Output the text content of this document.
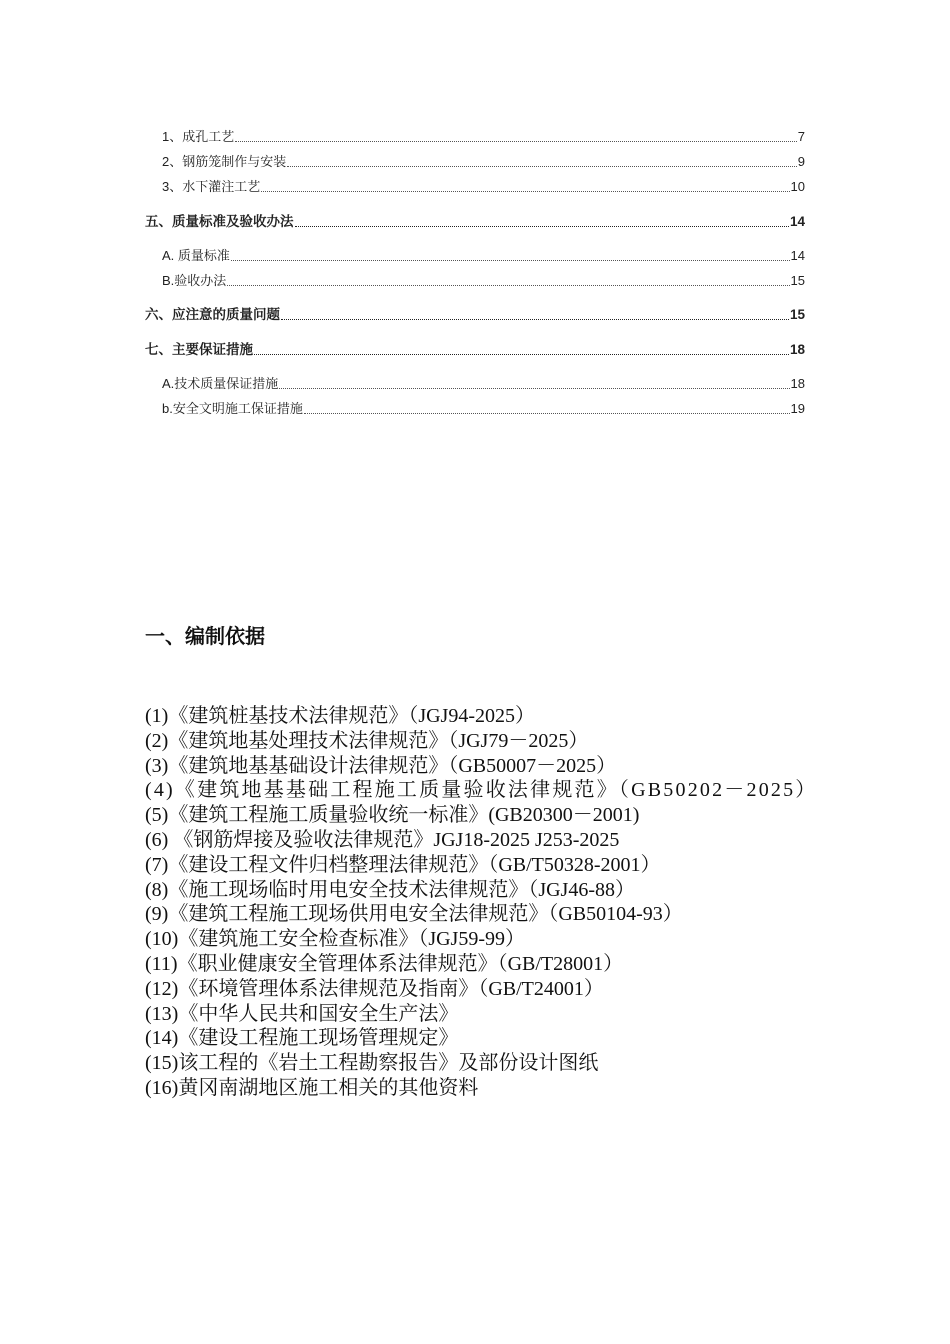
1、成孔工艺	7
2、钢筋笼制作与安装	9
3、水下灌注工艺	10
五、质量标准及验收办法	14
A. 质量标准	14
B.验收办法	15
六、应注意的质量问题	15
七、主要保证措施	18
A.技术质量保证措施	18
b.安全文明施工保证措施	19
一、编制依据
(1)《建筑桩基技术法律规范》（JGJ94-2025）
(2)《建筑地基处理技术法律规范》（JGJ79－2025）
(3)《建筑地基基础设计法律规范》（GB50007－2025）
(4)《建筑地基基础工程施工质量验收法律规范》（GB50202－2025）
(5)《建筑工程施工质量验收统一标准》(GB20300－2001)
(6) 《钢筋焊接及验收法律规范》JGJ18-2025 J253-2025
(7)《建设工程文件归档整理法律规范》（GB/T50328-2001）
(8)《施工现场临时用电安全技术法律规范》（JGJ46-88）
(9)《建筑工程施工现场供用电安全法律规范》（GB50104-93）
(10)《建筑施工安全检查标准》（JGJ59-99）
(11)《职业健康安全管理体系法律规范》（GB/T28001）
(12)《环境管理体系法律规范及指南》（GB/T24001）
(13)《中华人民共和国安全生产法》
(14)《建设工程施工现场管理规定》
(15)该工程的《岩土工程勘察报告》及部份设计图纸
(16)黄冈南湖地区施工相关的其他资料
